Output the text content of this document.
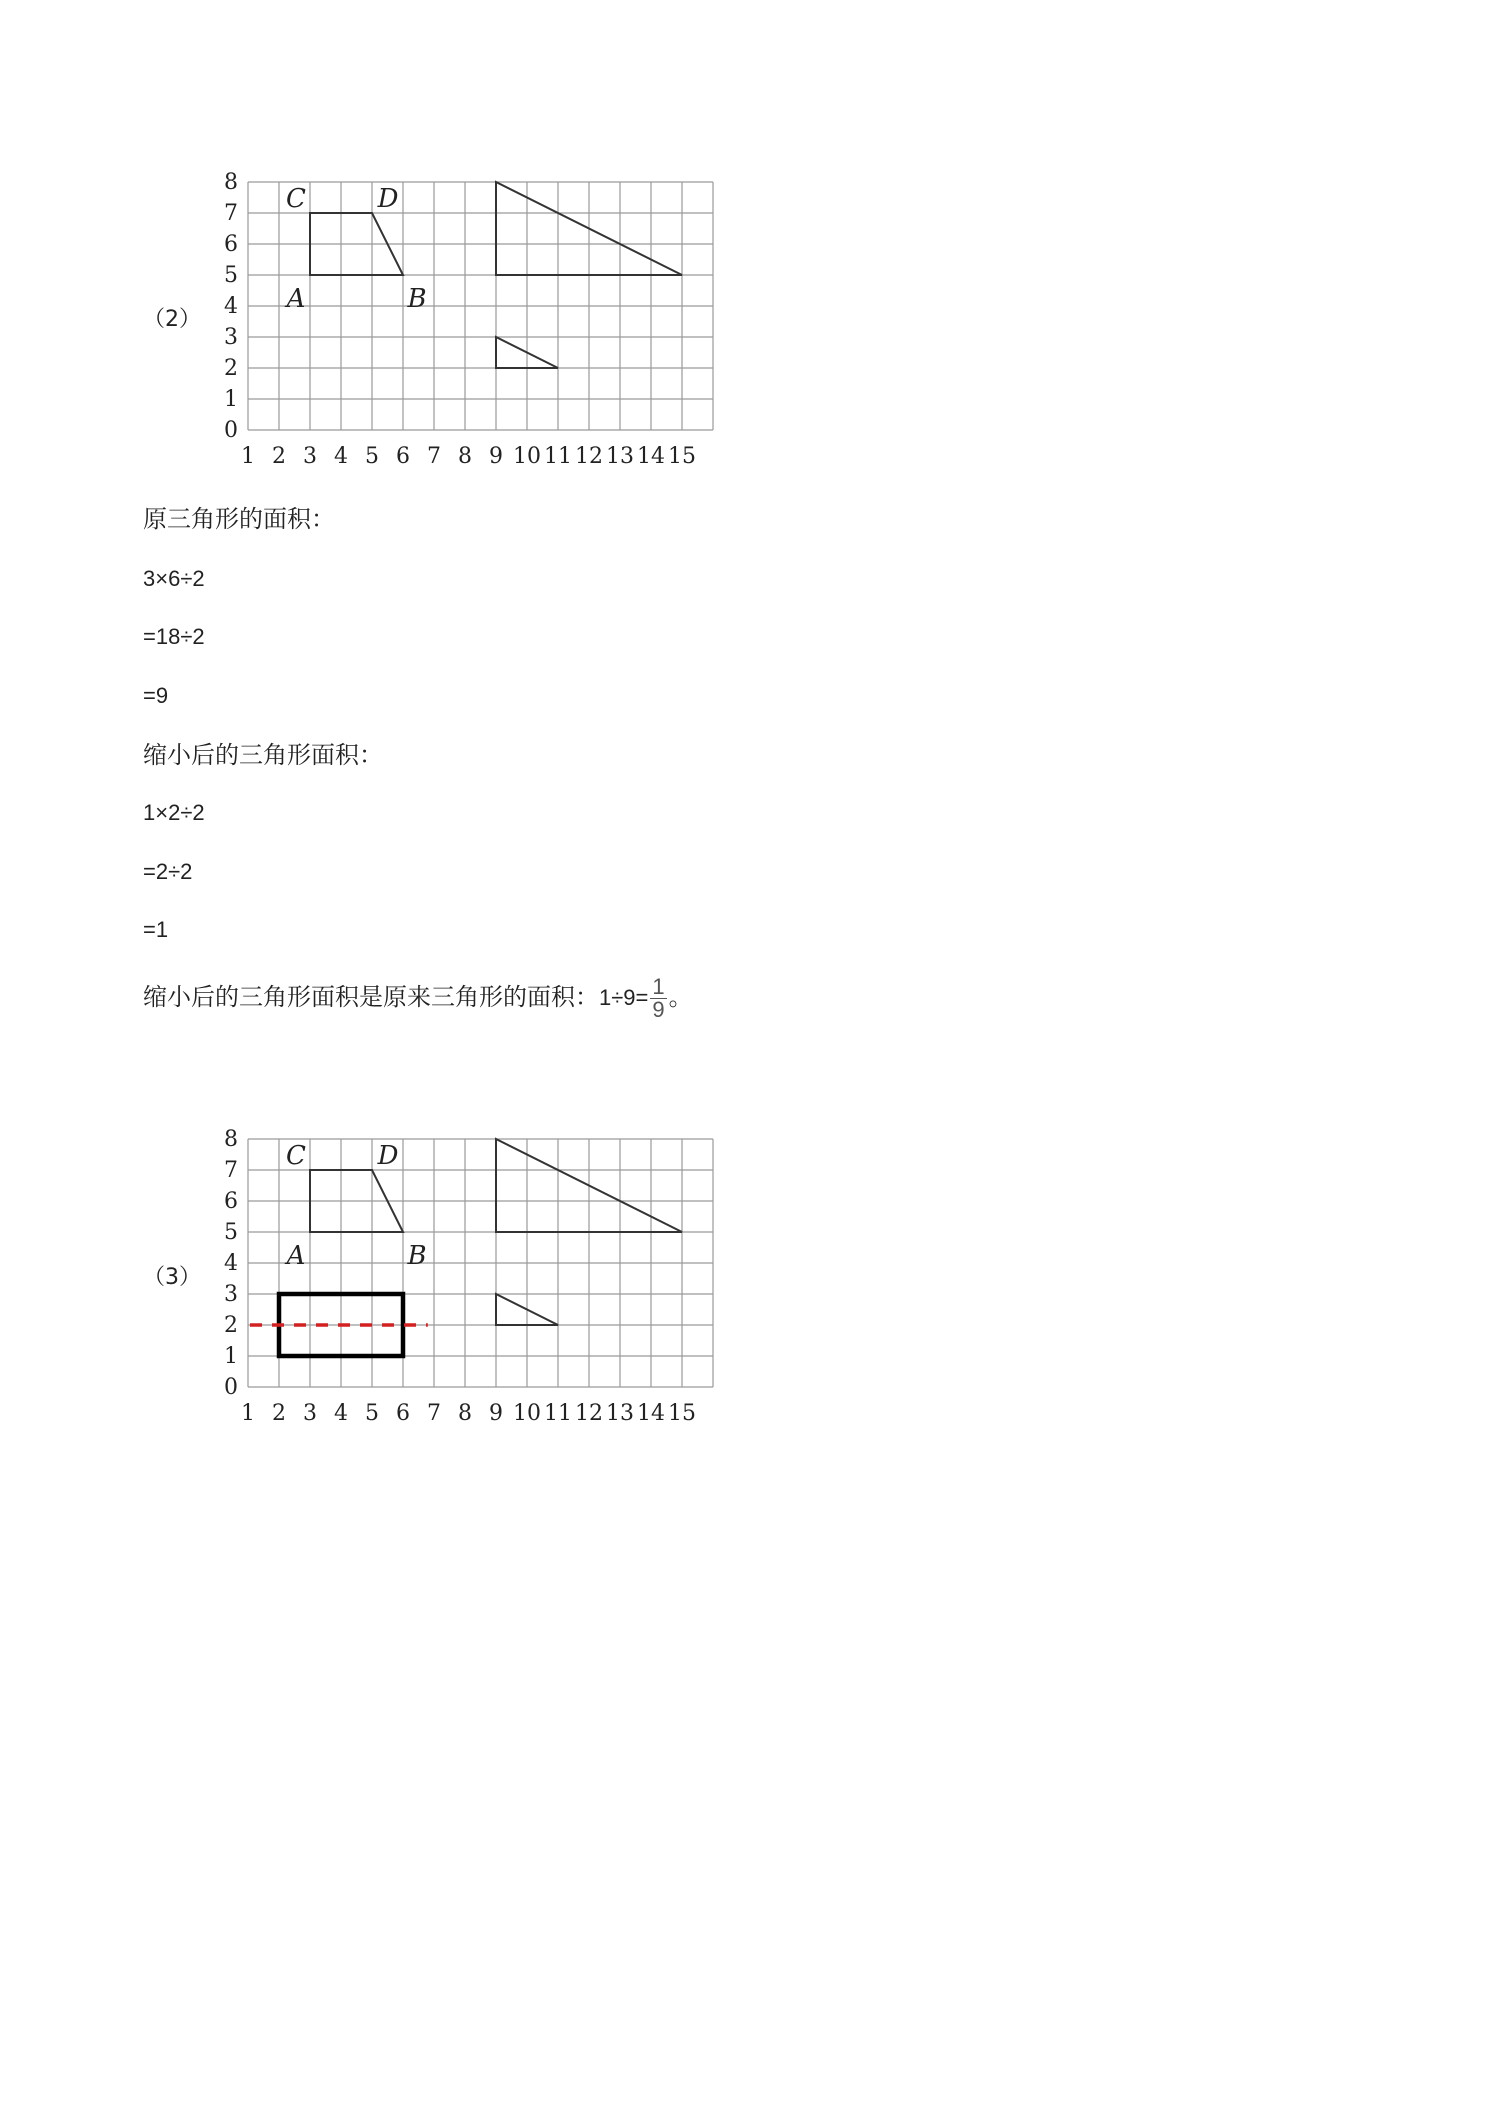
（2）
0
1
2
3
4
5
6
7
8
1 2 3 4 5 6 7 8 9 10 11 12 13 14 15
A	B
C	D
原三角形的面积：
3×6÷2
=18÷2
=9
缩小后的三角形面积：
1×2÷2
=2÷2
=1
缩小后的三角形面积是原来三角形的面积：$1\div 9= \frac{1}{9}$ 。
（3）
0
1
2
3
4
5
6
7
8
1 2 3 4 5 6 7 8 9 10 11 12 13 14 15
A	B
C	D
